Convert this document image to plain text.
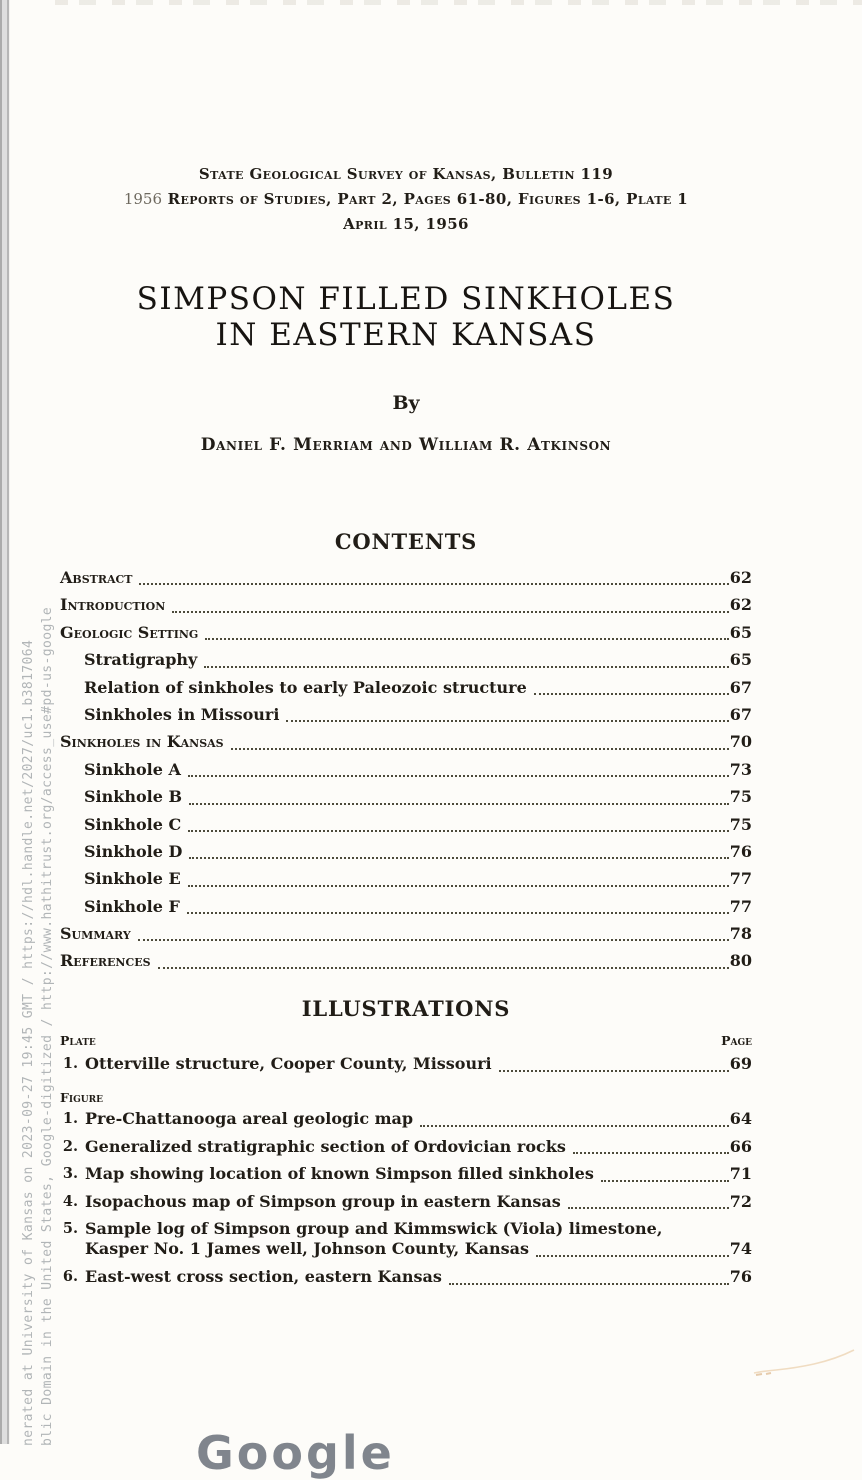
nerated at University of Kansas on 2023-09-27 19:45 GMT / https://hdl.handle.net/2027/uc1.b3817064 blic Domain in the United States, Google-digitized / http://www.hathitrust.org/access_use#pd-us-google
State Geological Survey of Kansas, Bulletin 119
1956 Reports of Studies, Part 2, Pages 61-80, Figures 1-6, Plate 1
April 15, 1956
SIMPSON FILLED SINKHOLES
IN EASTERN KANSAS
By
Daniel F. Merriam and William R. Atkinson
CONTENTS
Abstract	62
Introduction	62
Geologic Setting	65
Stratigraphy	65
Relation of sinkholes to early Paleozoic structure	67
Sinkholes in Missouri	67
Sinkholes in Kansas	70
Sinkhole A	73
Sinkhole B	75
Sinkhole C	75
Sinkhole D	76
Sinkhole E	77
Sinkhole F	77
Summary	78
References	80
ILLUSTRATIONS
Plate	Page
1. Otterville structure, Cooper County, Missouri	69
Figure
1. Pre-Chattanooga areal geologic map	64
2. Generalized stratigraphic section of Ordovician rocks	66
3. Map showing location of known Simpson filled sinkholes	71
4. Isopachous map of Simpson group in eastern Kansas	72
5. Sample log of Simpson group and Kimmswick (Viola) limestone,
Kasper No. 1 James well, Johnson County, Kansas	74
6. East-west cross section, eastern Kansas	76
Google
